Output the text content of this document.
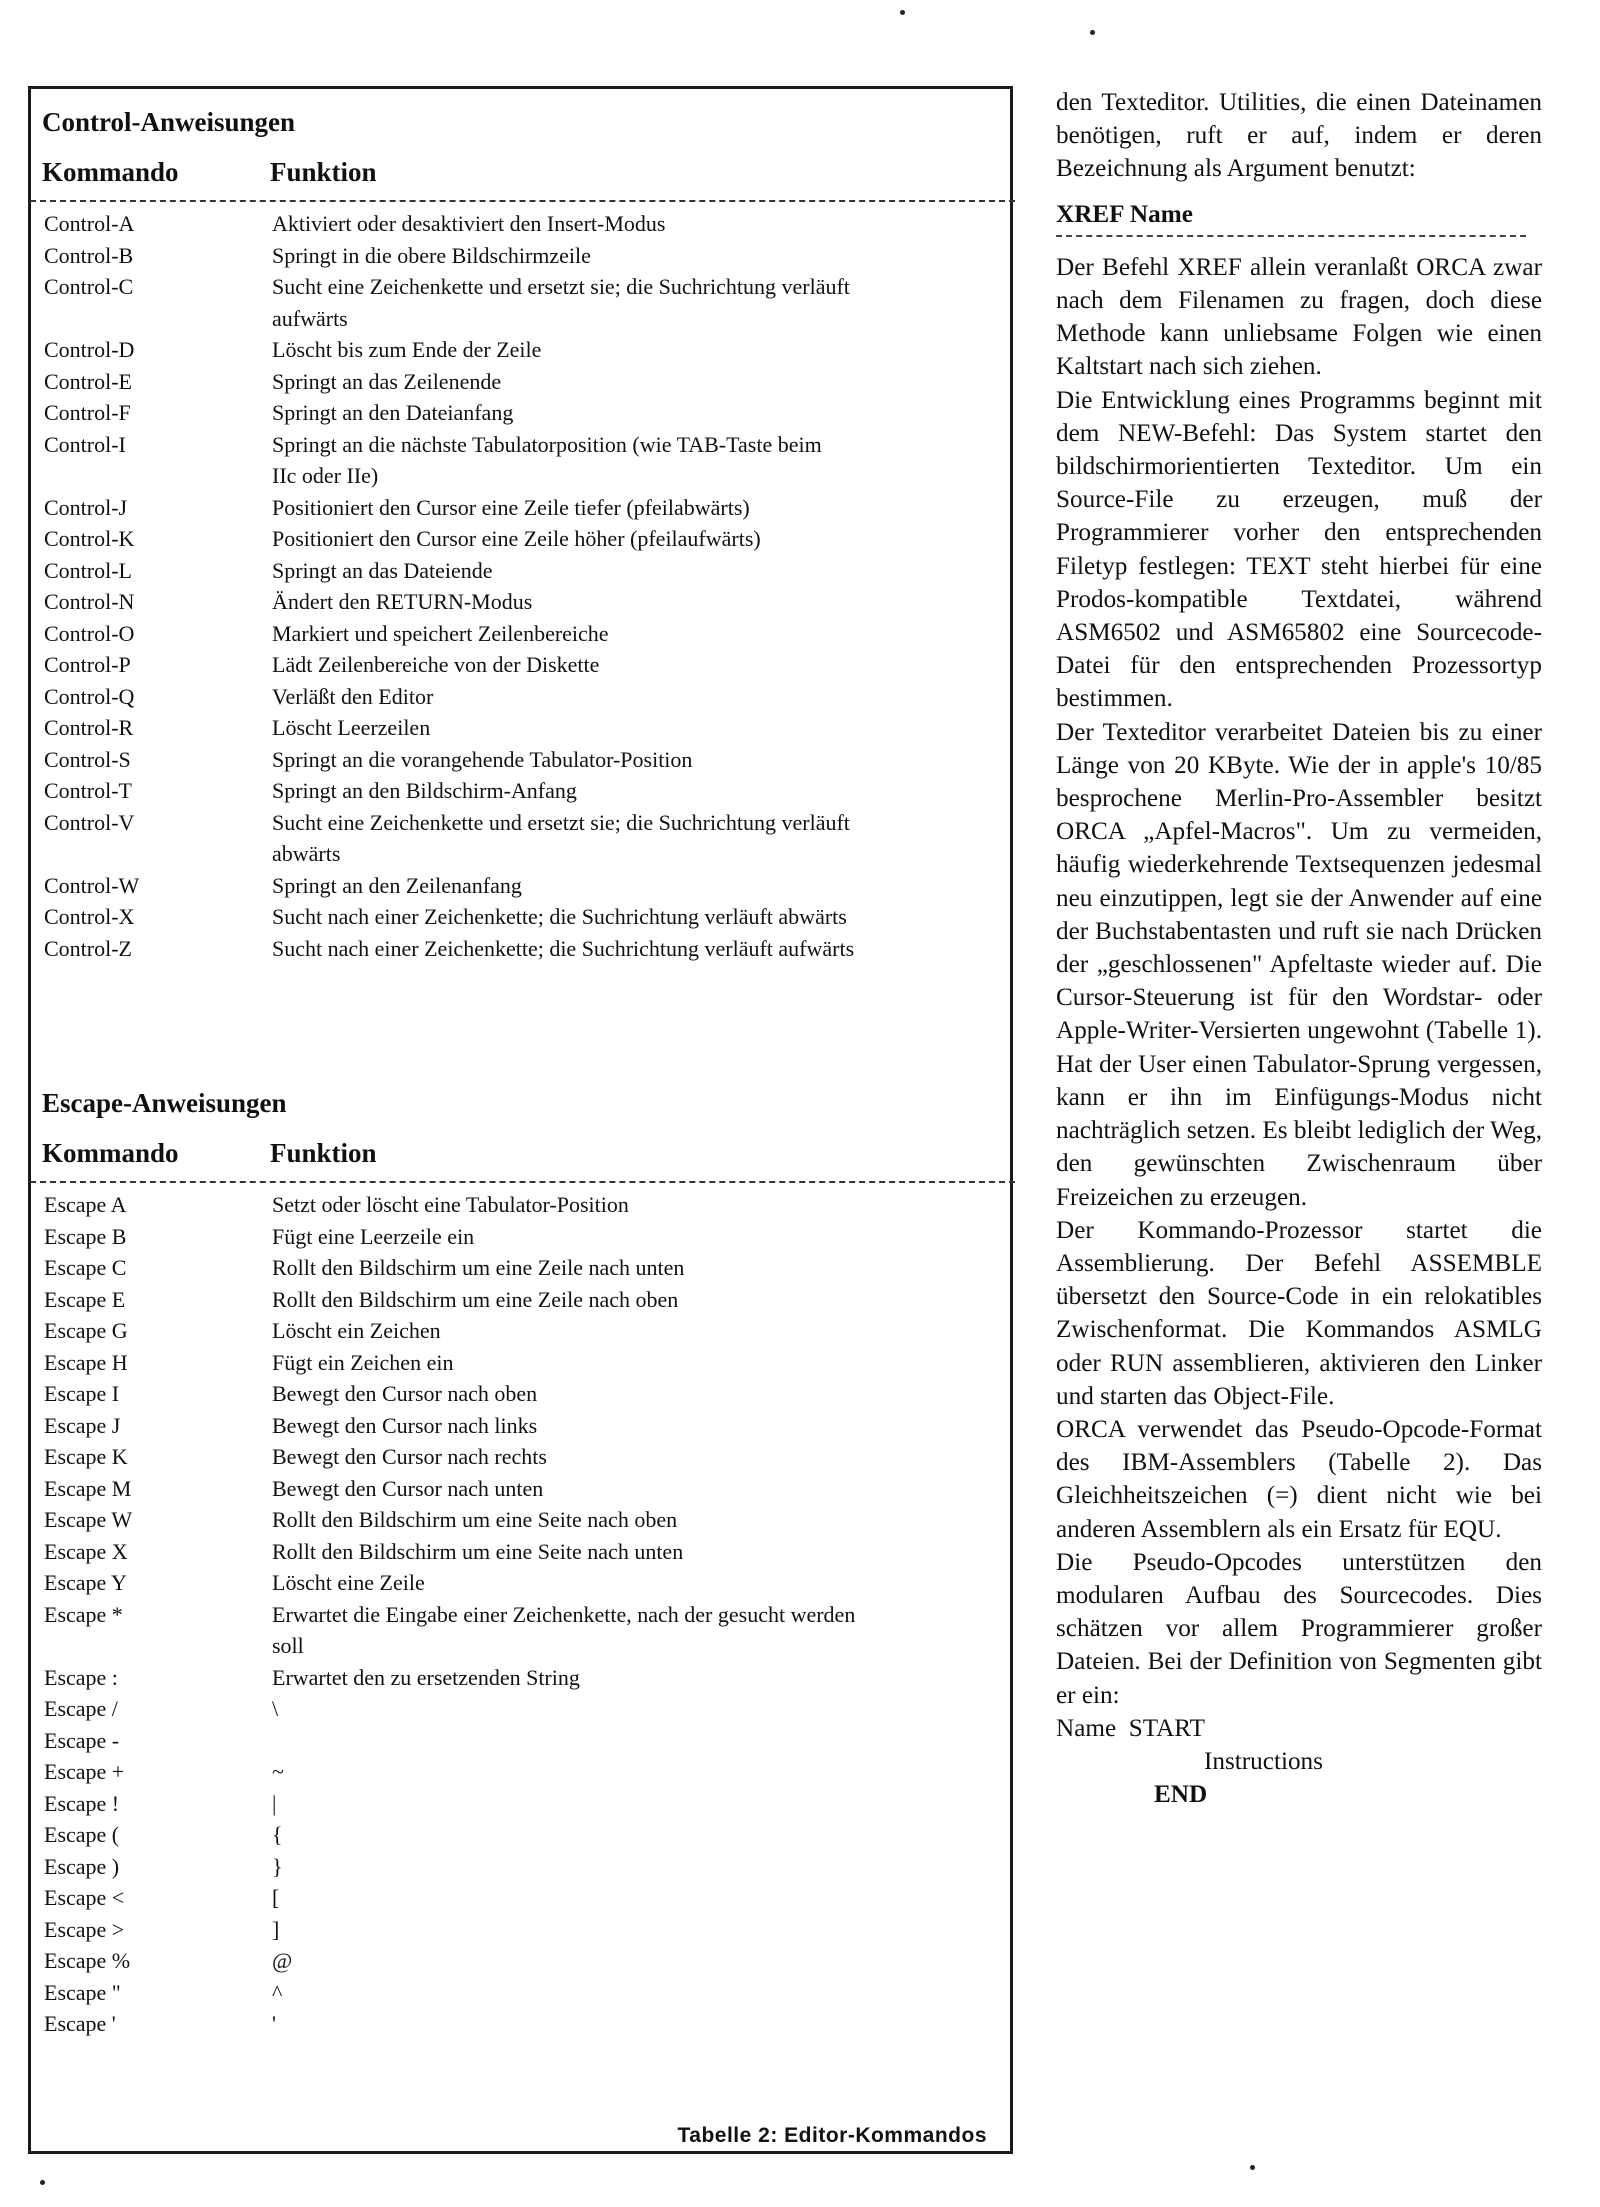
Control-Anweisungen
Kommando	Funktion
Control-A	Aktiviert oder desaktiviert den Insert-Modus
Control-B	Springt in die obere Bildschirmzeile
Control-C	Sucht eine Zeichenkette und ersetzt sie; die Suchrichtung verläuft
aufwärts
Control-D	Löscht bis zum Ende der Zeile
Control-E	Springt an das Zeilenende
Control-F	Springt an den Dateianfang
Control-I	Springt an die nächste Tabulatorposition (wie TAB-Taste beim
IIc oder IIe)
Control-J	Positioniert den Cursor eine Zeile tiefer (pfeilabwärts)
Control-K	Positioniert den Cursor eine Zeile höher (pfeilaufwärts)
Control-L	Springt an das Dateiende
Control-N	Ändert den RETURN-Modus
Control-O	Markiert und speichert Zeilenbereiche
Control-P	Lädt Zeilenbereiche von der Diskette
Control-Q	Verläßt den Editor
Control-R	Löscht Leerzeilen
Control-S	Springt an die vorangehende Tabulator-Position
Control-T	Springt an den Bildschirm-Anfang
Control-V	Sucht eine Zeichenkette und ersetzt sie; die Suchrichtung verläuft
abwärts
Control-W	Springt an den Zeilenanfang
Control-X	Sucht nach einer Zeichenkette; die Suchrichtung verläuft abwärts
Control-Z	Sucht nach einer Zeichenkette; die Suchrichtung verläuft aufwärts
Escape-Anweisungen
Kommando	Funktion
Escape A	Setzt oder löscht eine Tabulator-Position
Escape B	Fügt eine Leerzeile ein
Escape C	Rollt den Bildschirm um eine Zeile nach unten
Escape E	Rollt den Bildschirm um eine Zeile nach oben
Escape G	Löscht ein Zeichen
Escape H	Fügt ein Zeichen ein
Escape I	Bewegt den Cursor nach oben
Escape J	Bewegt den Cursor nach links
Escape K	Bewegt den Cursor nach rechts
Escape M	Bewegt den Cursor nach unten
Escape W	Rollt den Bildschirm um eine Seite nach oben
Escape X	Rollt den Bildschirm um eine Seite nach unten
Escape Y	Löscht eine Zeile
Escape *	Erwartet die Eingabe einer Zeichenkette, nach der gesucht werden
soll
Escape :	Erwartet den zu ersetzenden String
Escape /	\
Escape -
Escape +	~
Escape !	|
Escape (	{
Escape )	}
Escape <	[
Escape >	]
Escape %	@
Escape "	^
Escape '	'
Tabelle 2: Editor-Kommandos

den Texteditor. Utilities, die einen Dateinamen benötigen, ruft er auf, indem er deren Bezeichnung als Argument benutzt:

XREF Name

Der Befehl XREF allein veranlaßt ORCA zwar nach dem Filenamen zu fragen, doch diese Methode kann unliebsame Folgen wie einen Kaltstart nach sich ziehen.

Die Entwicklung eines Programms beginnt mit dem NEW-Befehl: Das System startet den bildschirmorientierten Texteditor. Um ein Source-File zu erzeugen, muß der Programmierer vorher den entsprechenden Filetyp festlegen: TEXT steht hierbei für eine Prodos-kompatible Textdatei, während ASM6502 und ASM65802 eine Sourcecode-Datei für den entsprechenden Prozessortyp bestimmen.

Der Texteditor verarbeitet Dateien bis zu einer Länge von 20 KByte. Wie der in apple's 10/85 besprochene Merlin-Pro-Assembler besitzt ORCA „Apfel-Macros". Um zu vermeiden, häufig wiederkehrende Textsequenzen jedesmal neu einzutippen, legt sie der Anwender auf eine der Buchstabentasten und ruft sie nach Drücken der „geschlossenen" Apfeltaste wieder auf. Die Cursor-Steuerung ist für den Wordstar- oder Apple-Writer-Versierten ungewohnt (Tabelle 1). Hat der User einen Tabulator-Sprung vergessen, kann er ihn im Einfügungs-Modus nicht nachträglich setzen. Es bleibt lediglich der Weg, den gewünschten Zwischenraum über Freizeichen zu erzeugen.

Der Kommando-Prozessor startet die Assemblierung. Der Befehl ASSEMBLE übersetzt den Source-Code in ein relokatibles Zwischenformat. Die Kommandos ASMLG oder RUN assemblieren, aktivieren den Linker und starten das Object-File.

ORCA verwendet das Pseudo-Opcode-Format des IBM-Assemblers (Tabelle 2). Das Gleichheitszeichen (=) dient nicht wie bei anderen Assemblern als ein Ersatz für EQU.

Die Pseudo-Opcodes unterstützen den modularen Aufbau des Sourcecodes. Dies schätzen vor allem Programmierer großer Dateien. Bei der Definition von Segmenten gibt er ein:

Name  START
Instructions
END
